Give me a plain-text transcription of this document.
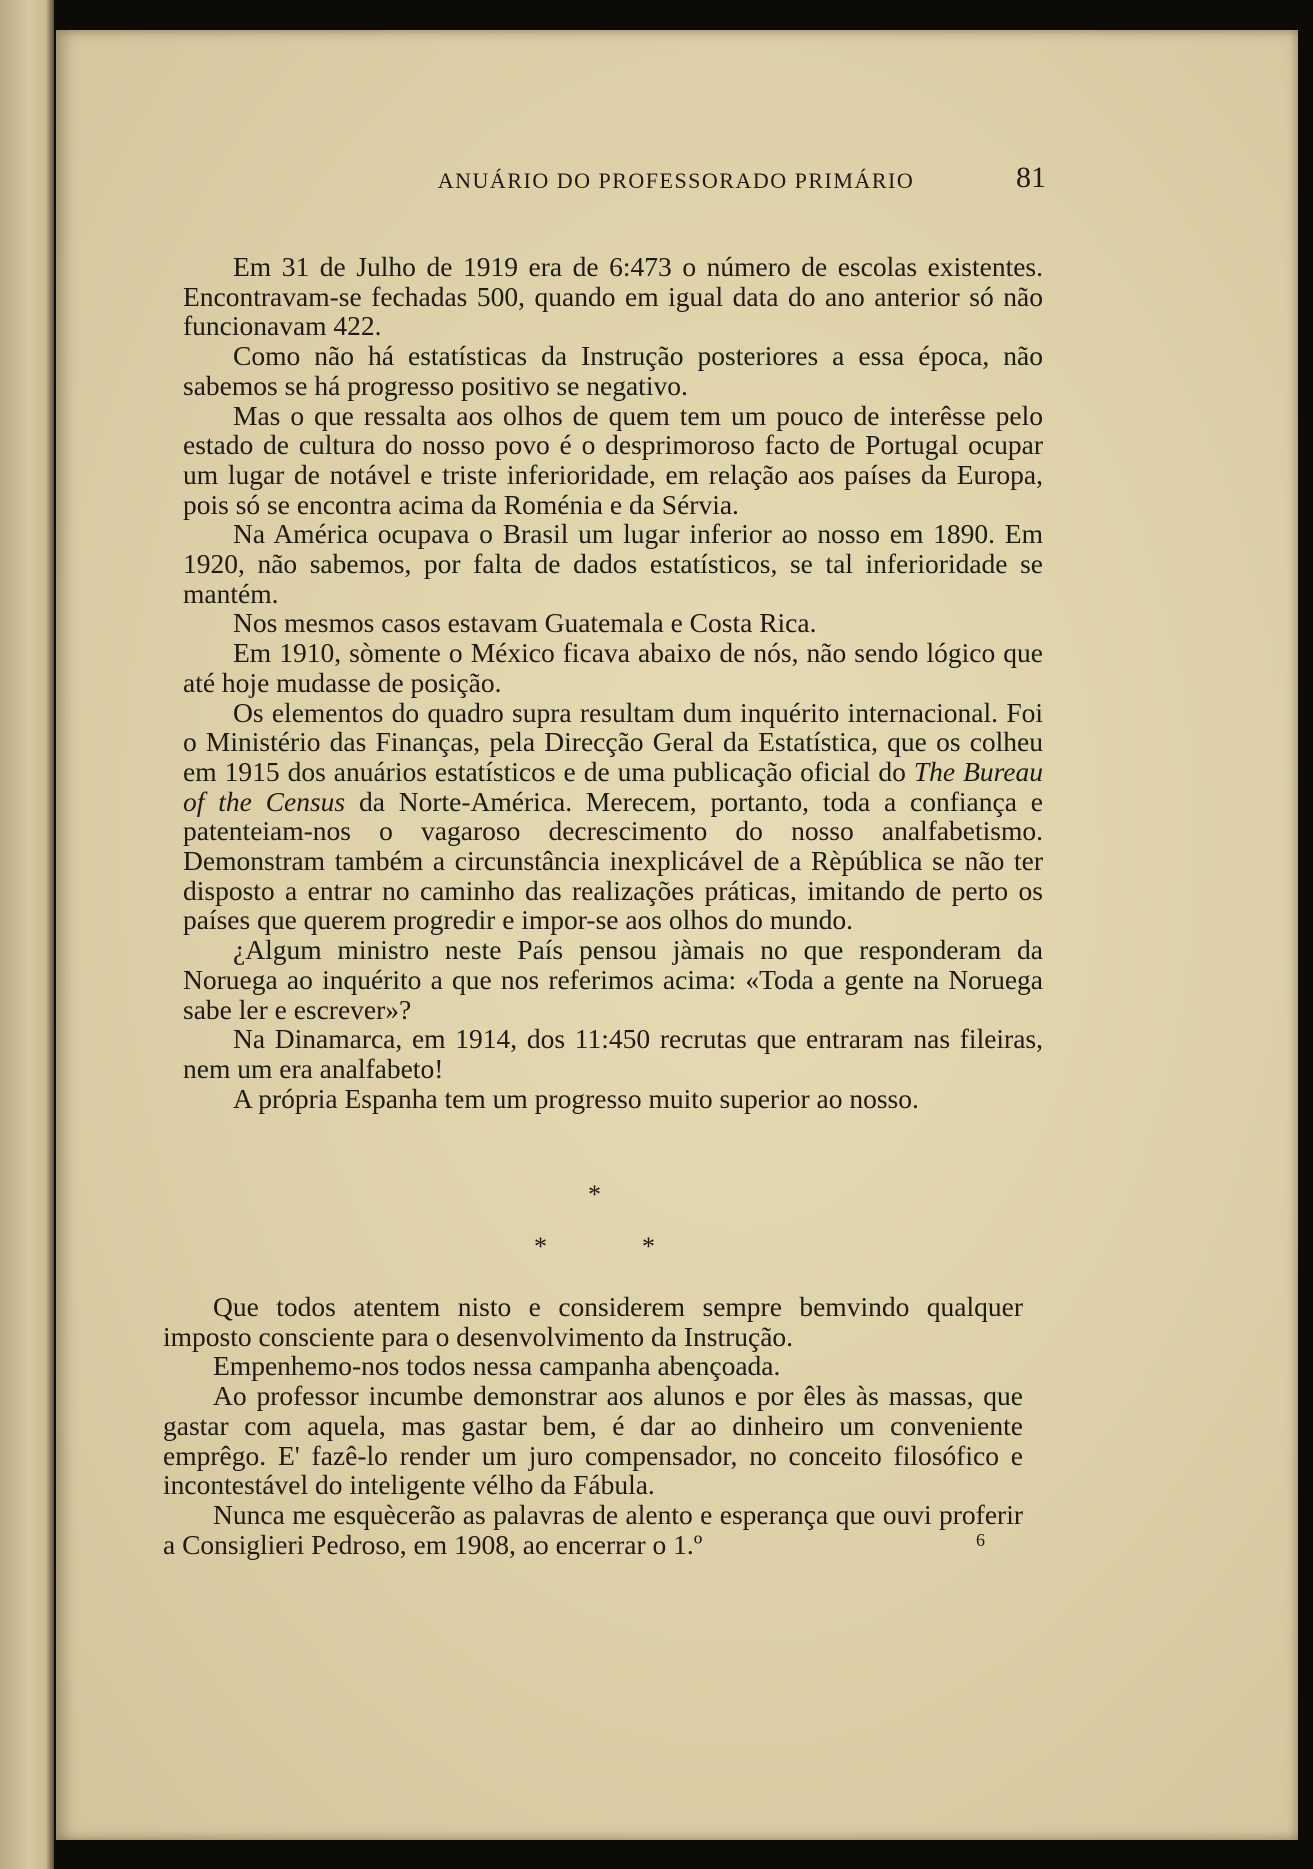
ANUÁRIO DO PROFESSORADO PRIMÁRIO	81

Em 31 de Julho de 1919 era de 6:473 o número de escolas existentes. Encontravam-se fechadas 500, quando em igual data do ano anterior só não funcionavam 422.

Como não há estatísticas da Instrução posteriores a essa época, não sabemos se há progresso positivo se negativo.

Mas o que ressalta aos olhos de quem tem um pouco de interêsse pelo estado de cultura do nosso povo é o desprimoroso facto de Portugal ocupar um lugar de notável e triste inferioridade, em relação aos países da Europa, pois só se encontra acima da Roménia e da Sérvia.

Na América ocupava o Brasil um lugar inferior ao nosso em 1890. Em 1920, não sabemos, por falta de dados estatísticos, se tal inferioridade se mantém.

Nos mesmos casos estavam Guatemala e Costa Rica.

Em 1910, sòmente o México ficava abaixo de nós, não sendo lógico que até hoje mudasse de posição.

Os elementos do quadro supra resultam dum inquérito internacional. Foi o Ministério das Finanças, pela Direcção Geral da Estatística, que os colheu em 1915 dos anuários estatísticos e de uma publicação oficial do The Bureau of the Census da Norte-América. Merecem, portanto, toda a confiança e patenteiam-nos o vagaroso decrescimento do nosso analfabetismo. Demonstram também a circunstância inexplicável de a Rèpública se não ter disposto a entrar no caminho das realizações práticas, imitando de perto os países que querem progredir e impor-se aos olhos do mundo.

¿Algum ministro neste País pensou jàmais no que responderam da Noruega ao inquérito a que nos referimos acima: «Toda a gente na Noruega sabe ler e escrever»?

Na Dinamarca, em 1914, dos 11:450 recrutas que entraram nas fileiras, nem um era analfabeto!

A própria Espanha tem um progresso muito superior ao nosso.

*
*	*

Que todos atentem nisto e considerem sempre bemvindo qualquer imposto consciente para o desenvolvimento da Instrução.

Empenhemo-nos todos nessa campanha abençoada.

Ao professor incumbe demonstrar aos alunos e por êles às massas, que gastar com aquela, mas gastar bem, é dar ao dinheiro um conveniente emprêgo. E' fazê-lo render um juro compensador, no conceito filosófico e incontestável do inteligente vélho da Fábula.

Nunca me esquècerão as palavras de alento e esperança que ouvi proferir a Consiglieri Pedroso, em 1908, ao encerrar o 1.º	6
